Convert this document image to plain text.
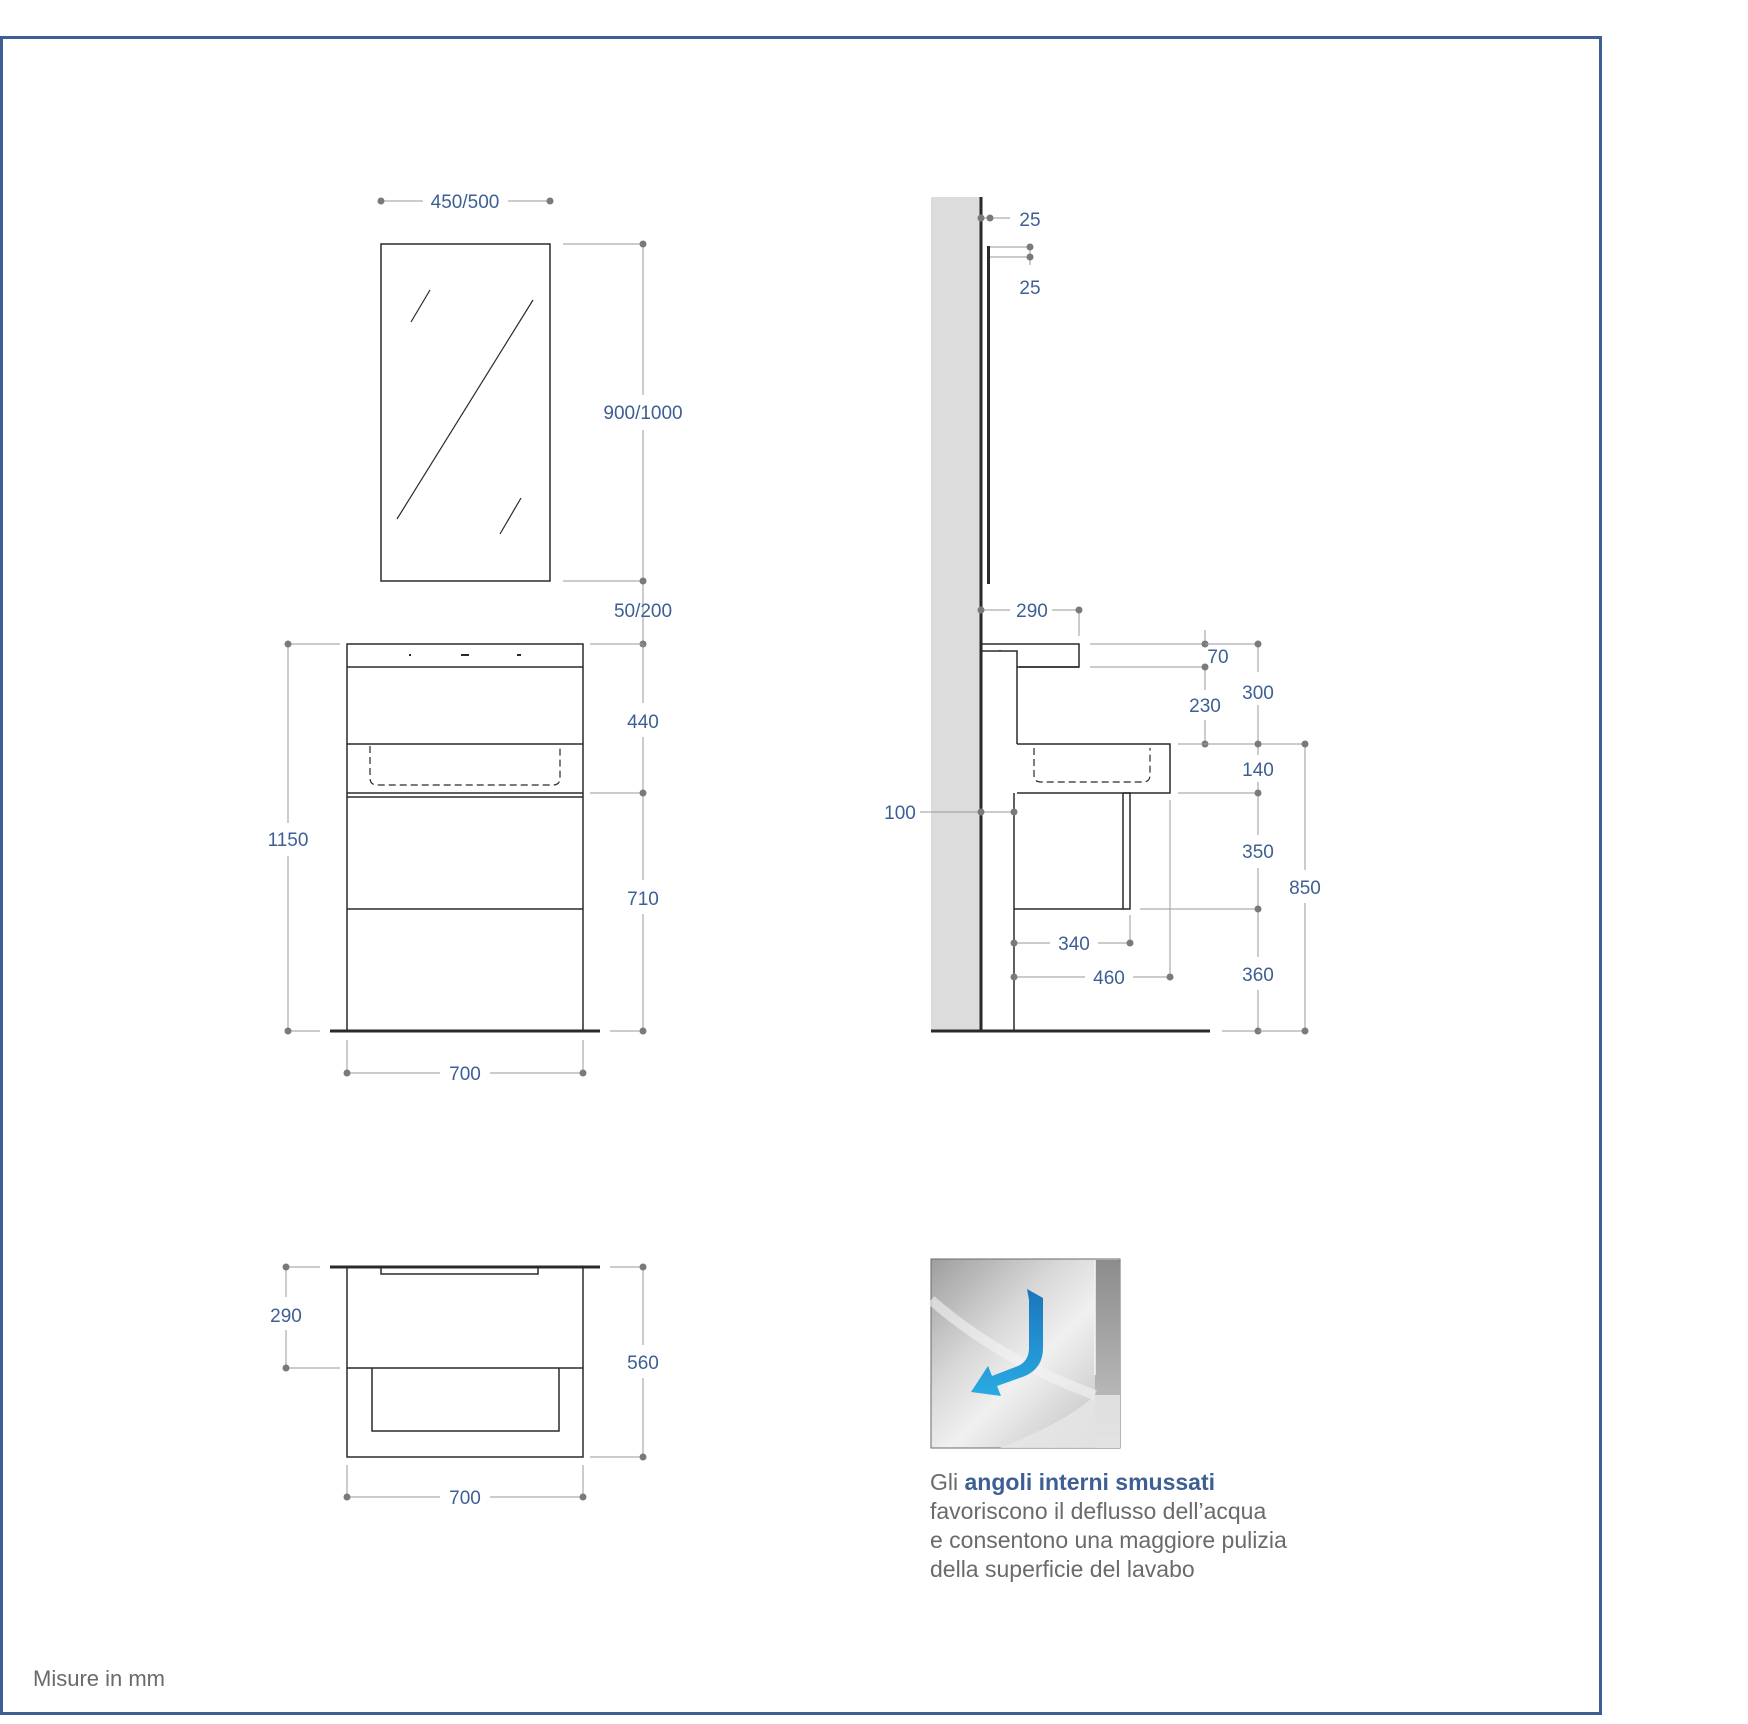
450/500
900/1000
50/200
1150
440
710
700
290
560
700
25
25
290
70
230
300
140
100
350
850
340
360
460
Gli angoli interni smussati
favoriscono il deflusso dell’acqua
e consentono una maggiore pulizia
della superficie del lavabo
Misure in mm
